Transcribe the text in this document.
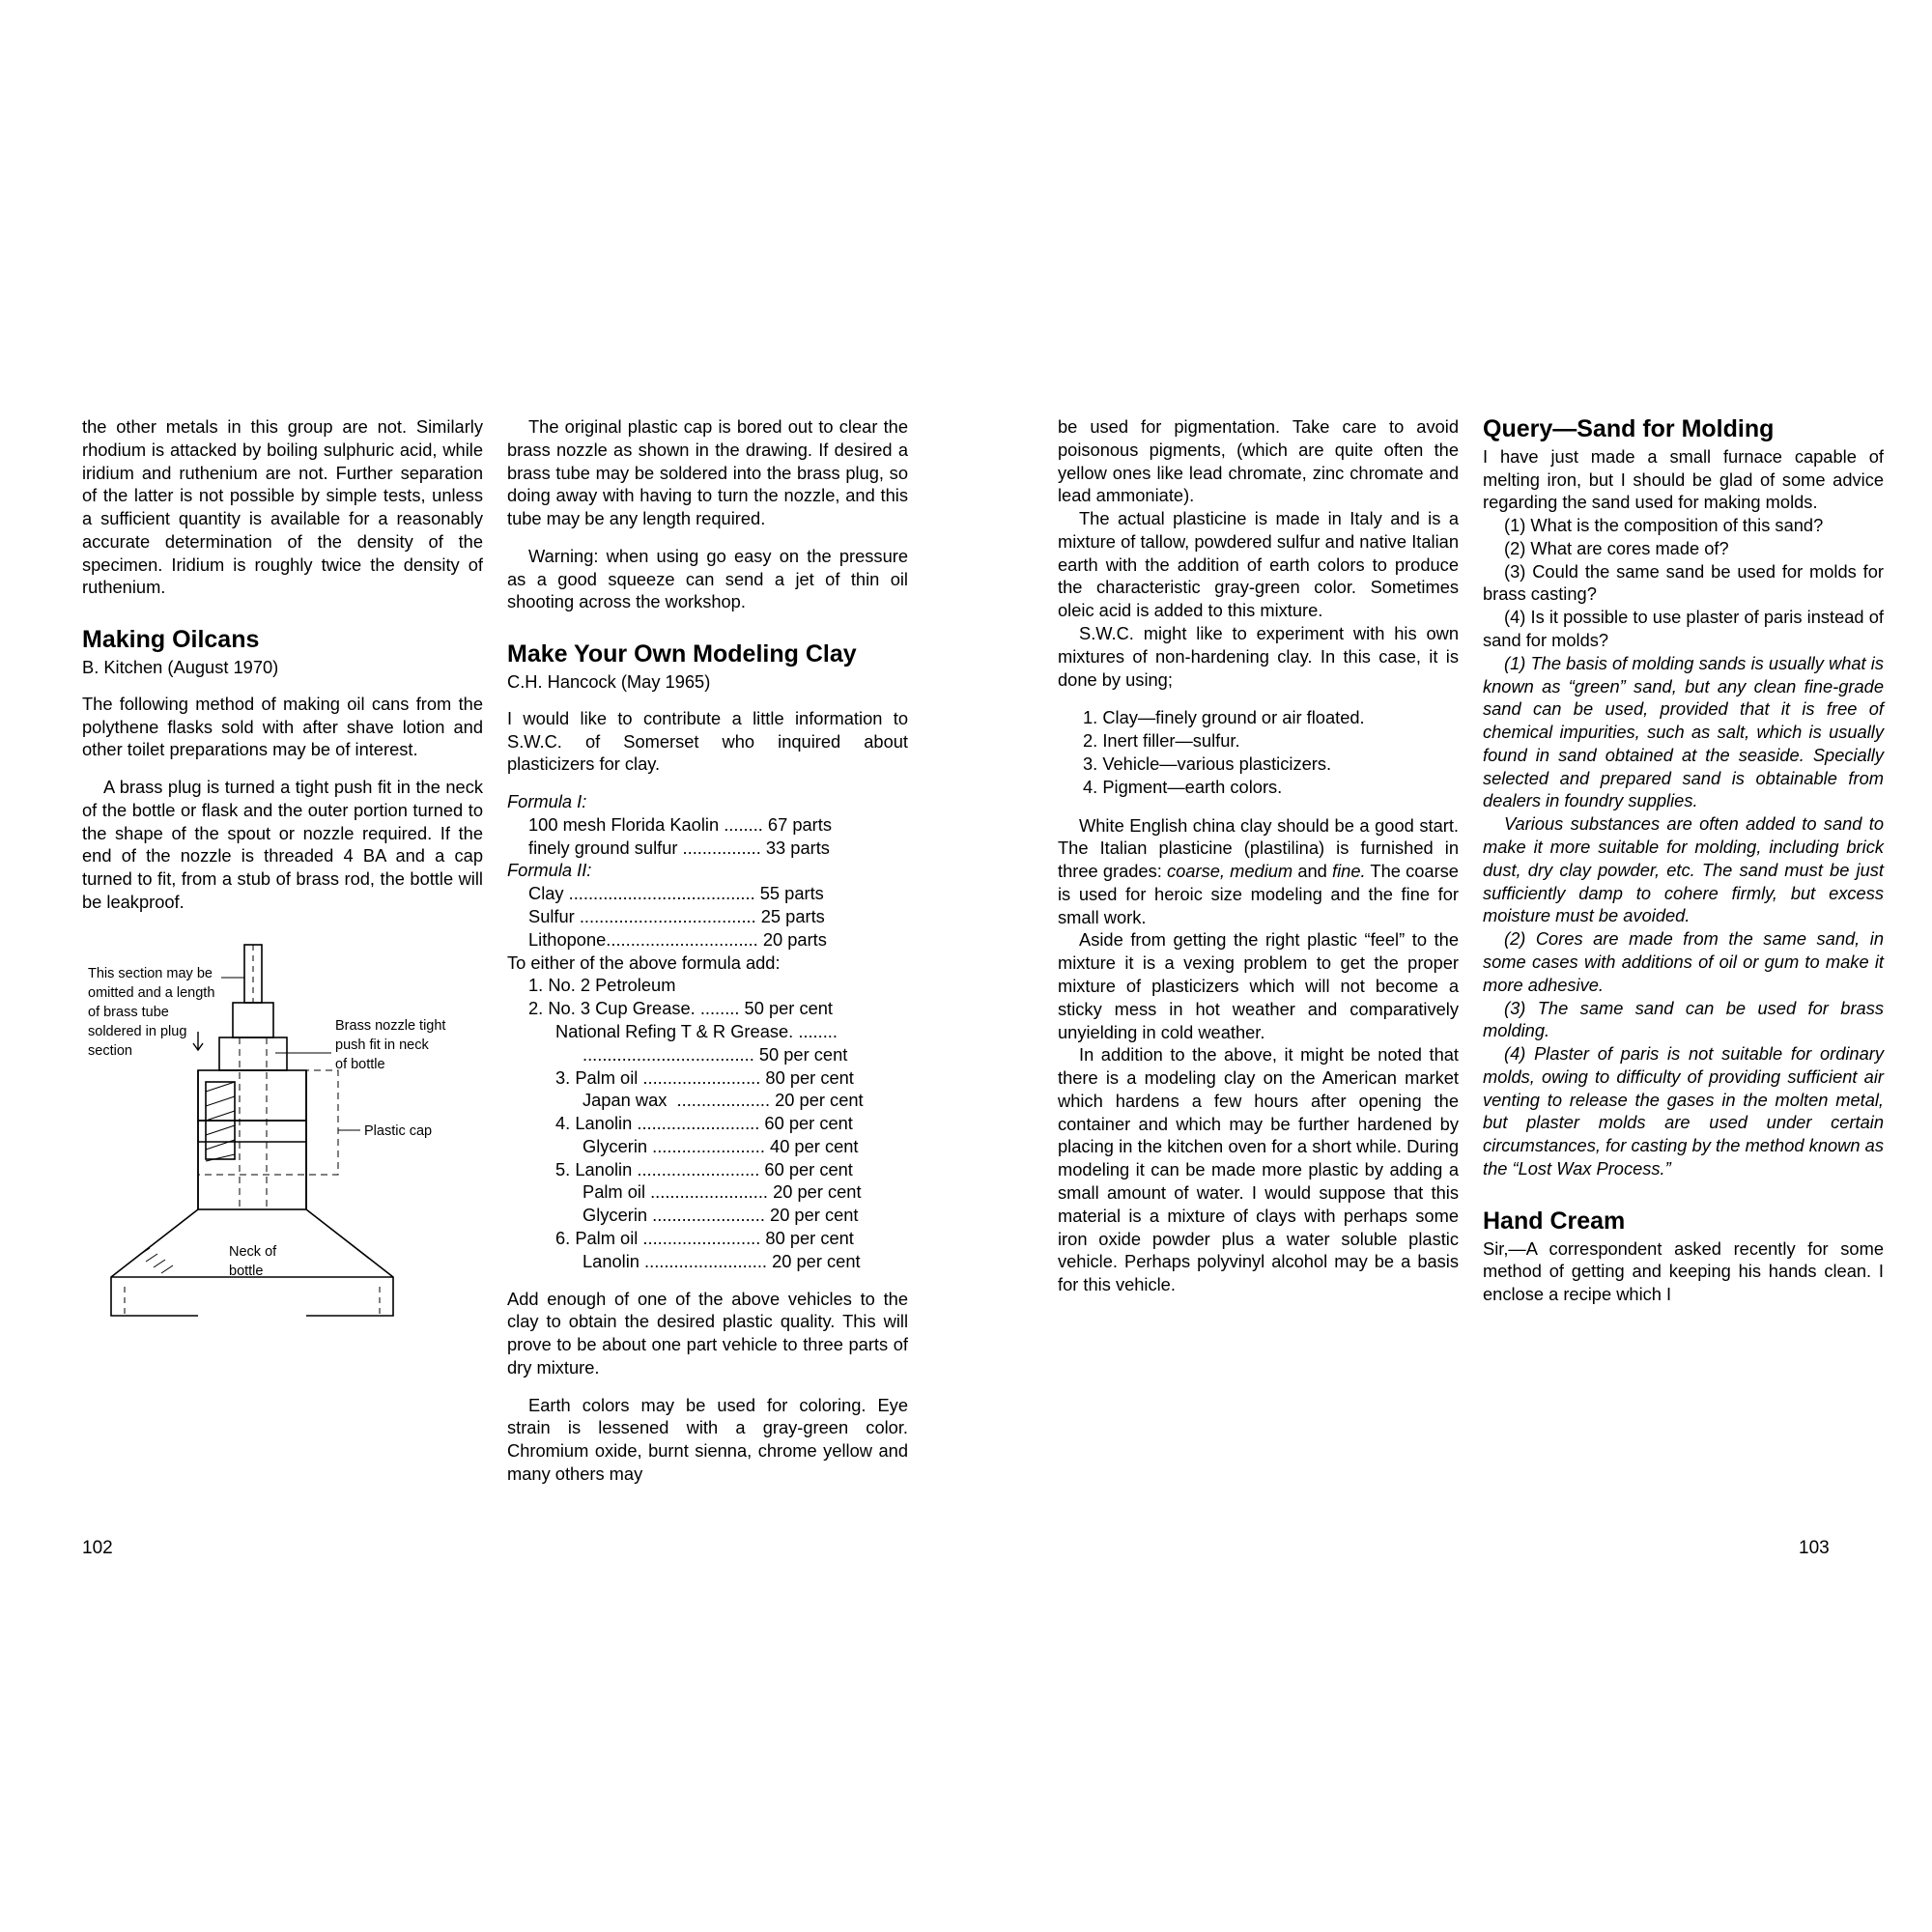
the other metals in this group are not. Similarly rhodium is attacked by boiling sulphuric acid, while iridium and ruthenium are not. Further separation of the latter is not possible by simple tests, unless a sufficient quantity is available for a reasonably accurate determination of the density of the specimen. Iridium is roughly twice the density of ruthenium.

Making Oilcans
B. Kitchen (August 1970)

The following method of making oil cans from the polythene flasks sold with after shave lotion and other toilet preparations may be of interest.

A brass plug is turned a tight push fit in the neck of the bottle or flask and the outer portion turned to the shape of the spout or nozzle required. If the end of the nozzle is threaded 4 BA and a cap turned to fit, from a stub of brass rod, the bottle will be leakproof.

This section may be
omitted and a length
of brass tube
soldered in plug
section
Brass nozzle tight
push fit in neck
of bottle
Plastic cap
Neck of
bottle

The original plastic cap is bored out to clear the brass nozzle as shown in the drawing. If desired a brass tube may be soldered into the brass plug, so doing away with having to turn the nozzle, and this tube may be any length required.

Warning: when using go easy on the pressure as a good squeeze can send a jet of thin oil shooting across the workshop.

Make Your Own Modeling Clay
C.H. Hancock (May 1965)

I would like to contribute a little information to S.W.C. of Somerset who inquired about plasticizers for clay.

Formula I:
100 mesh Florida Kaolin ........ 67 parts
finely ground sulfur ................ 33 parts
Formula II:
Clay ...................................... 55 parts
Sulfur .................................... 25 parts
Lithopone............................... 20 parts
To either of the above formula add:
1. No. 2 Petroleum
2. No. 3 Cup Grease. ........ 50 per cent
National Refing T & R Grease. ........
................................... 50 per cent
3. Palm oil ........................ 80 per cent
Japan wax  ................... 20 per cent
4. Lanolin ......................... 60 per cent
Glycerin ....................... 40 per cent
5. Lanolin ......................... 60 per cent
Palm oil ........................ 20 per cent
Glycerin ....................... 20 per cent
6. Palm oil ........................ 80 per cent
Lanolin ......................... 20 per cent

Add enough of one of the above vehicles to the clay to obtain the desired plastic quality. This will prove to be about one part vehicle to three parts of dry mixture.

Earth colors may be used for coloring. Eye strain is lessened with a gray-green color. Chromium oxide, burnt sienna, chrome yellow and many others may

be used for pigmentation. Take care to avoid poisonous pigments, (which are quite often the yellow ones like lead chromate, zinc chromate and lead ammoniate).

The actual plasticine is made in Italy and is a mixture of tallow, powdered sulfur and native Italian earth with the addition of earth colors to produce the characteristic gray-green color. Sometimes oleic acid is added to this mixture.

S.W.C. might like to experiment with his own mixtures of non-hardening clay. In this case, it is done by using;

1. Clay—finely ground or air floated.
2. Inert filler—sulfur.
3. Vehicle—various plasticizers.
4. Pigment—earth colors.

White English china clay should be a good start. The Italian plasticine (plastilina) is furnished in three grades: coarse, medium and fine. The coarse is used for heroic size modeling and the fine for small work.

Aside from getting the right plastic “feel” to the mixture it is a vexing problem to get the proper mixture of plasticizers which will not become a sticky mess in hot weather and comparatively unyielding in cold weather.

In addition to the above, it might be noted that there is a modeling clay on the American market which hardens a few hours after opening the container and which may be further hardened by placing in the kitchen oven for a short while. During modeling it can be made more plastic by adding a small amount of water. I would suppose that this material is a mixture of clays with perhaps some iron oxide powder plus a water soluble plastic vehicle. Perhaps polyvinyl alcohol may be a basis for this vehicle.

Query—Sand for Molding

I have just made a small furnace capable of melting iron, but I should be glad of some advice regarding the sand used for making molds.

(1) What is the composition of this sand?

(2) What are cores made of?

(3) Could the same sand be used for molds for brass casting?

(4) Is it possible to use plaster of paris instead of sand for molds?

(1) The basis of molding sands is usually what is known as “green” sand, but any clean fine-grade sand can be used, provided that it is free of chemical impurities, such as salt, which is usually found in sand obtained at the seaside. Specially selected and prepared sand is obtainable from dealers in foundry supplies.

Various substances are often added to sand to make it more suitable for molding, including brick dust, dry clay powder, etc. The sand must be just sufficiently damp to cohere firmly, but excess moisture must be avoided.

(2) Cores are made from the same sand, in some cases with additions of oil or gum to make it more adhesive.

(3) The same sand can be used for brass molding.

(4) Plaster of paris is not suitable for ordinary molds, owing to difficulty of providing sufficient air venting to release the gases in the molten metal, but plaster molds are used under certain circumstances, for casting by the method known as the “Lost Wax Process.”

Hand Cream

Sir,—A correspondent asked recently for some method of getting and keeping his hands clean. I enclose a recipe which I

102	103
